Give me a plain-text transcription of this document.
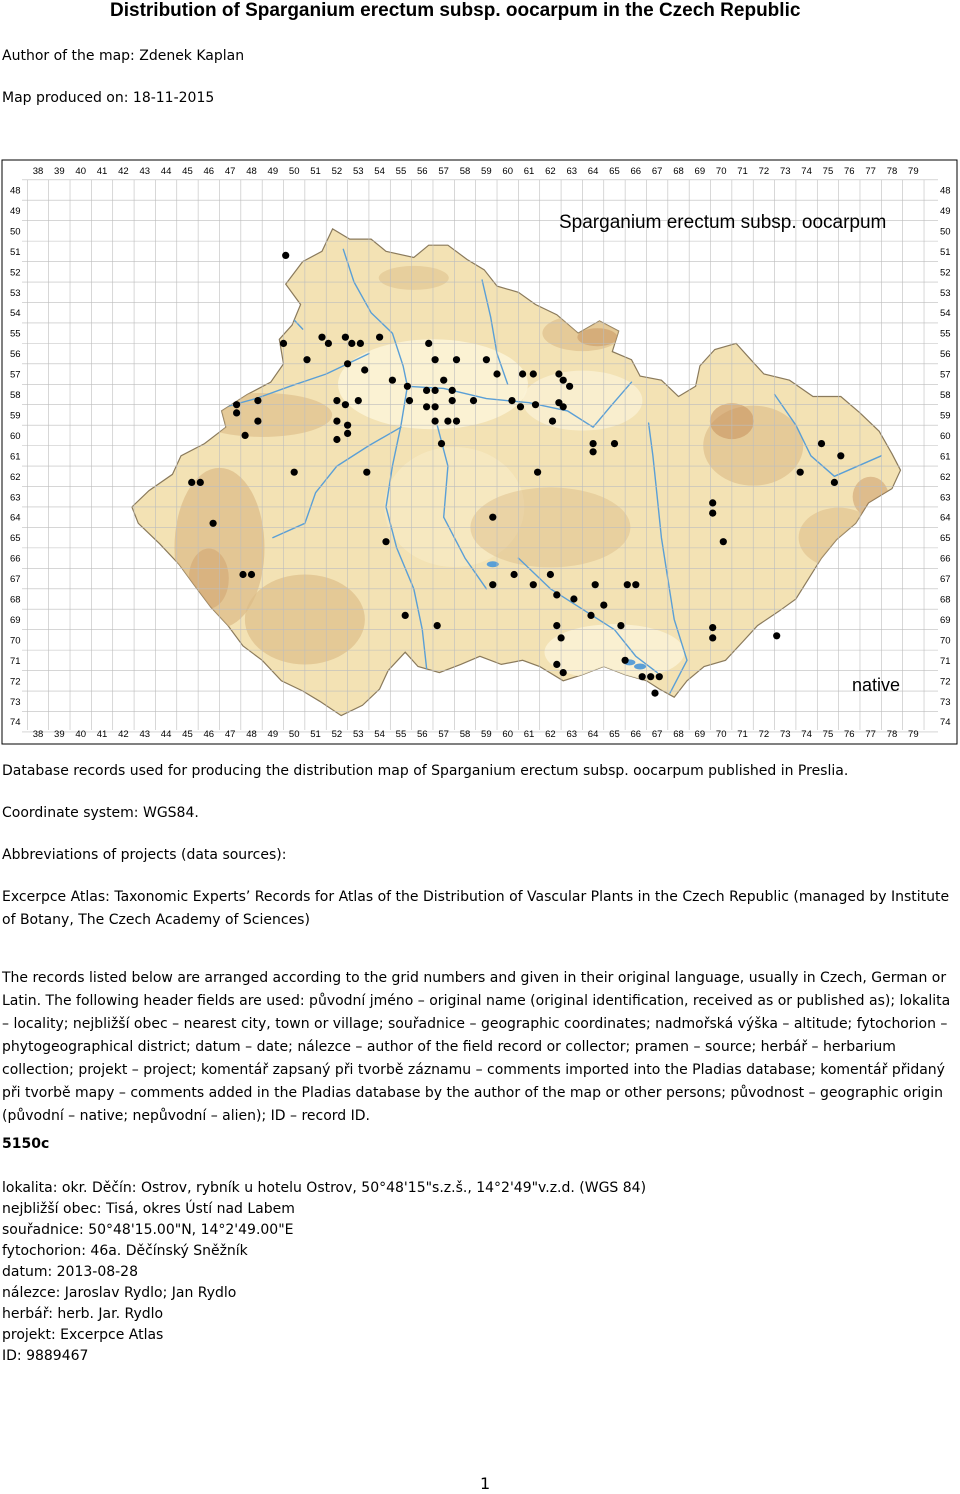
Distribution of Sparganium erectum subsp. oocarpum in the Czech Republic
Author of the map: Zdenek Kaplan
Map produced on: 18-11-2015
38 39 40 41 42 43 44 45 46 47 48 49 50 51 52 53 54 55 56 57 58 59 60 61 62 63 64 65 66 67 68 69 70 71 72 73 74 75 76 77 78 79
38 39 40 41 42 43 44 45 46 47 48 49 50 51 52 53 54 55 56 57 58 59 60 61 62 63 64 65 66 67 68 69 70 71 72 73 74 75 76 77 78 79
48
49
50
51
52
53
54
55
56
57
58
59
60
61
62
63
64
65
66
67
68
69
70
71
72
73
74
48
49
50
51
52
53
54
55
56
57
58
59
60
61
62
63
64
65
66
67
68
69
70
71
72
73
74
Sparganium erectum subsp. oocarpum
native

Database records used for producing the distribution map of Sparganium erectum subsp. oocarpum published in Preslia.

Coordinate system: WGS84.

Abbreviations of projects (data sources):

Excerpce Atlas: Taxonomic Experts’ Records for Atlas of the Distribution of Vascular Plants in the Czech Republic (managed by Institute of Botany, The Czech Academy of Sciences)

The records listed below are arranged according to the grid numbers and given in their original language, usually in Czech, German or Latin. The following header fields are used: původní jméno – original name (original identification, received as or published as); lokalita – locality; nejbližší obec – nearest city, town or village; souřadnice – geographic coordinates; nadmořská výška – altitude; fytochorion – phytogeographical district; datum – date; nálezce – author of the field record or collector; pramen – source; herbář – herbarium collection; projekt – project; komentář zapsaný při tvorbě záznamu – comments imported into the Pladias database; komentář přidaný při tvorbě mapy – comments added in the Pladias database by the author of the map or other persons; původnost – geographic origin (původní – native; nepůvodní – alien); ID – record ID.

5150c
lokalita: okr. Děčín: Ostrov, rybník u hotelu Ostrov, 50°48'15"s.z.š., 14°2'49"v.z.d. (WGS 84)
nejbližší obec: Tisá, okres Ústí nad Labem
souřadnice: 50°48'15.00"N, 14°2'49.00"E
fytochorion: 46a. Děčínský Sněžník
datum: 2013-08-28
nálezce: Jaroslav Rydlo; Jan Rydlo
herbář: herb. Jar. Rydlo
projekt: Excerpce Atlas
ID: 9889467
1
